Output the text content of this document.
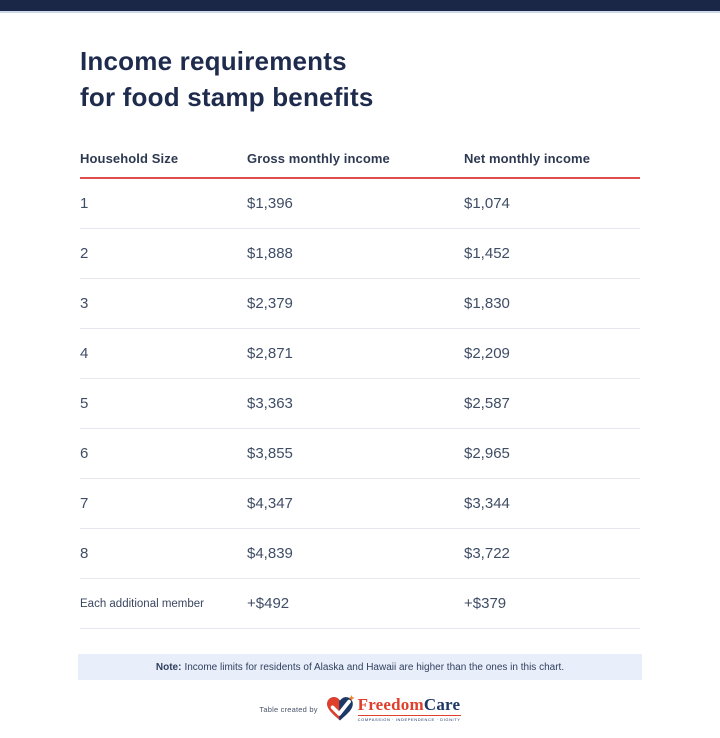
Income requirements
for food stamp benefits
Household Size	Gross monthly income	Net monthly income
1	$1,396	$1,074
2	$1,888	$1,452
3	$2,379	$1,830
4	$2,871	$2,209
5	$3,363	$2,587
6	$3,855	$2,965
7	$4,347	$3,344
8	$4,839	$3,722
Each additional member	+$492	+$379
Note: Income limits for residents of Alaska and Hawaii are higher than the ones in this chart.
Table created by FreedomCare
COMPASSION · INDEPENDENCE · DIGNITY
